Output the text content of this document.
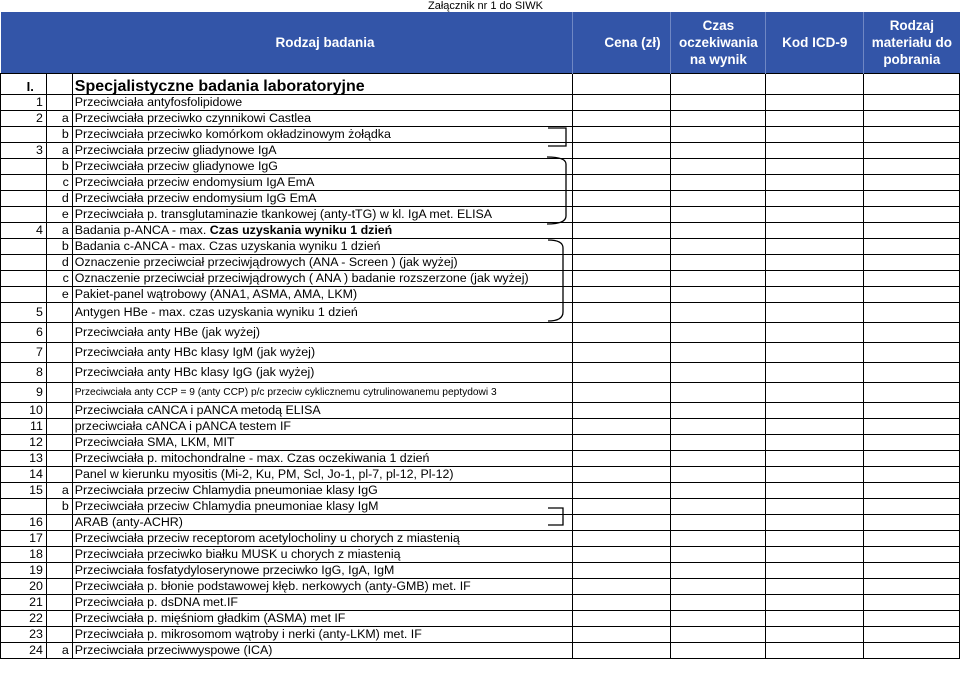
Załącznik nr 1 do SIWK
Rodzaj badania			Cena (zł)	Czas oczekiwania na wynik	Kod ICD-9	Rodzaj materiału do pobrania
I.		Specjalistyczne badania laboratoryjne				
1		Przeciwciała antyfosfolipidowe				
2	a	Przeciwciała przeciwko czynnikowi Castlea				
	b	Przeciwciała przeciwko komórkom okładzinowym żołądka				
3	a	Przeciwciała przeciw gliadynowe IgA				
	b	Przeciwciała przeciw gliadynowe IgG				
	c	Przeciwciała przeciw endomysium IgA EmA				
	d	Przeciwciała przeciw endomysium IgG EmA				
	e	Przeciwciała p. transglutaminazie tkankowej (anty-tTG) w kl. IgA met. ELISA				
4	a	Badania p-ANCA - max. Czas uzyskania wyniku 1 dzień				
	b	Badania c-ANCA - max. Czas uzyskania wyniku 1 dzień				
	d	Oznaczenie przeciwciał przeciwjądrowych (ANA - Screen ) (jak wyżej)				
	c	Oznaczenie przeciwciał przeciwjądrowych ( ANA ) badanie rozszerzone (jak wyżej)				
	e	Pakiet-panel wątrobowy (ANA1, ASMA, AMA, LKM)				
5		Antygen HBe - max. czas uzyskania wyniku 1 dzień				
6		Przeciwciała anty HBe (jak wyżej)				
7		Przeciwciała anty HBc klasy IgM (jak wyżej)				
8		Przeciwciała anty HBc klasy IgG (jak wyżej)				
9		Przeciwciała anty CCP = 9 (anty CCP) p/c przeciw cyklicznemu cytrulinowanemu peptydowi 3				
10		Przeciwciała cANCA i pANCA metodą ELISA				
11		przeciwciała cANCA i pANCA testem IF				
12		Przeciwciała SMA, LKM, MIT				
13		Przeciwciała p. mitochondralne - max. Czas oczekiwania 1 dzień				
14		Panel w kierunku myositis (Mi-2, Ku, PM, Scl, Jo-1, pl-7, pl-12, Pl-12)				
15	a	Przeciwciała przeciw Chlamydia pneumoniae klasy IgG				
	b	Przeciwciała przeciw Chlamydia pneumoniae klasy IgM				
16		ARAB (anty-ACHR)				
17		Przeciwciała przeciw receptorom acetylocholiny u chorych z miastenią				
18		Przeciwciała przeciwko białku MUSK u chorych z miastenią				
19		Przeciwciała fosfatydyloserynowe przeciwko IgG, IgA, IgM				
20		Przeciwciała p. błonie podstawowej kłęb. nerkowych (anty-GMB) met. IF				
21		Przeciwciała p. dsDNA met.IF				
22		Przeciwciała p. mięśniom gładkim (ASMA) met IF				
23		Przeciwciała p. mikrosomom wątroby i nerki (anty-LKM) met. IF				
24	a	Przeciwciała przeciwwyspowe (ICA)				
